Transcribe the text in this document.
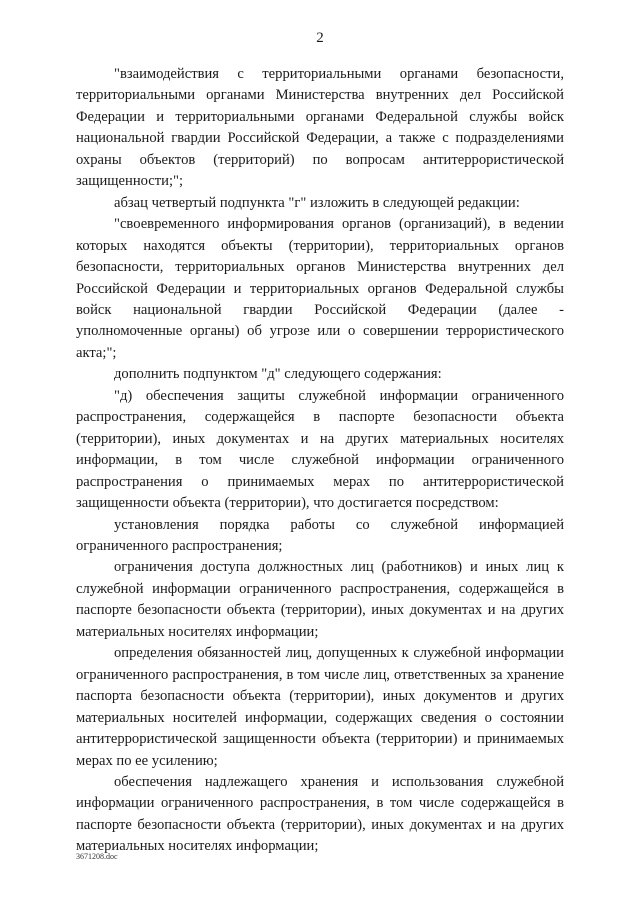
2

"взаимодействия с территориальными органами безопасности, территориальными органами Министерства внутренних дел Российской Федерации и территориальными органами Федеральной службы войск национальной гвардии Российской Федерации, а также с подразделениями охраны объектов (территорий) по вопросам антитеррористической защищенности;";

абзац четвертый подпункта "г" изложить в следующей редакции:

"своевременного информирования органов (организаций), в ведении которых находятся объекты (территории), территориальных органов безопасности, территориальных органов Министерства внутренних дел Российской Федерации и территориальных органов Федеральной службы войск национальной гвардии Российской Федерации (далее - уполномоченные органы) об угрозе или о совершении террористического акта;";

дополнить подпунктом "д" следующего содержания:

"д) обеспечения защиты служебной информации ограниченного распространения, содержащейся в паспорте безопасности объекта (территории), иных документах и на других материальных носителях информации, в том числе служебной информации ограниченного распространения о принимаемых мерах по антитеррористической защищенности объекта (территории), что достигается посредством:

установления порядка работы со служебной информацией ограниченного распространения;

ограничения доступа должностных лиц (работников) и иных лиц к служебной информации ограниченного распространения, содержащейся в паспорте безопасности объекта (территории), иных документах и на других материальных носителях информации;

определения обязанностей лиц, допущенных к служебной информации ограниченного распространения, в том числе лиц, ответственных за хранение паспорта безопасности объекта (территории), иных документов и других материальных носителей информации, содержащих сведения о состоянии антитеррористической защищенности объекта (территории) и принимаемых мерах по ее усилению;

обеспечения надлежащего хранения и использования служебной информации ограниченного распространения, в том числе содержащейся в паспорте безопасности объекта (территории), иных документах и на других материальных носителях информации;

3671208.doc
